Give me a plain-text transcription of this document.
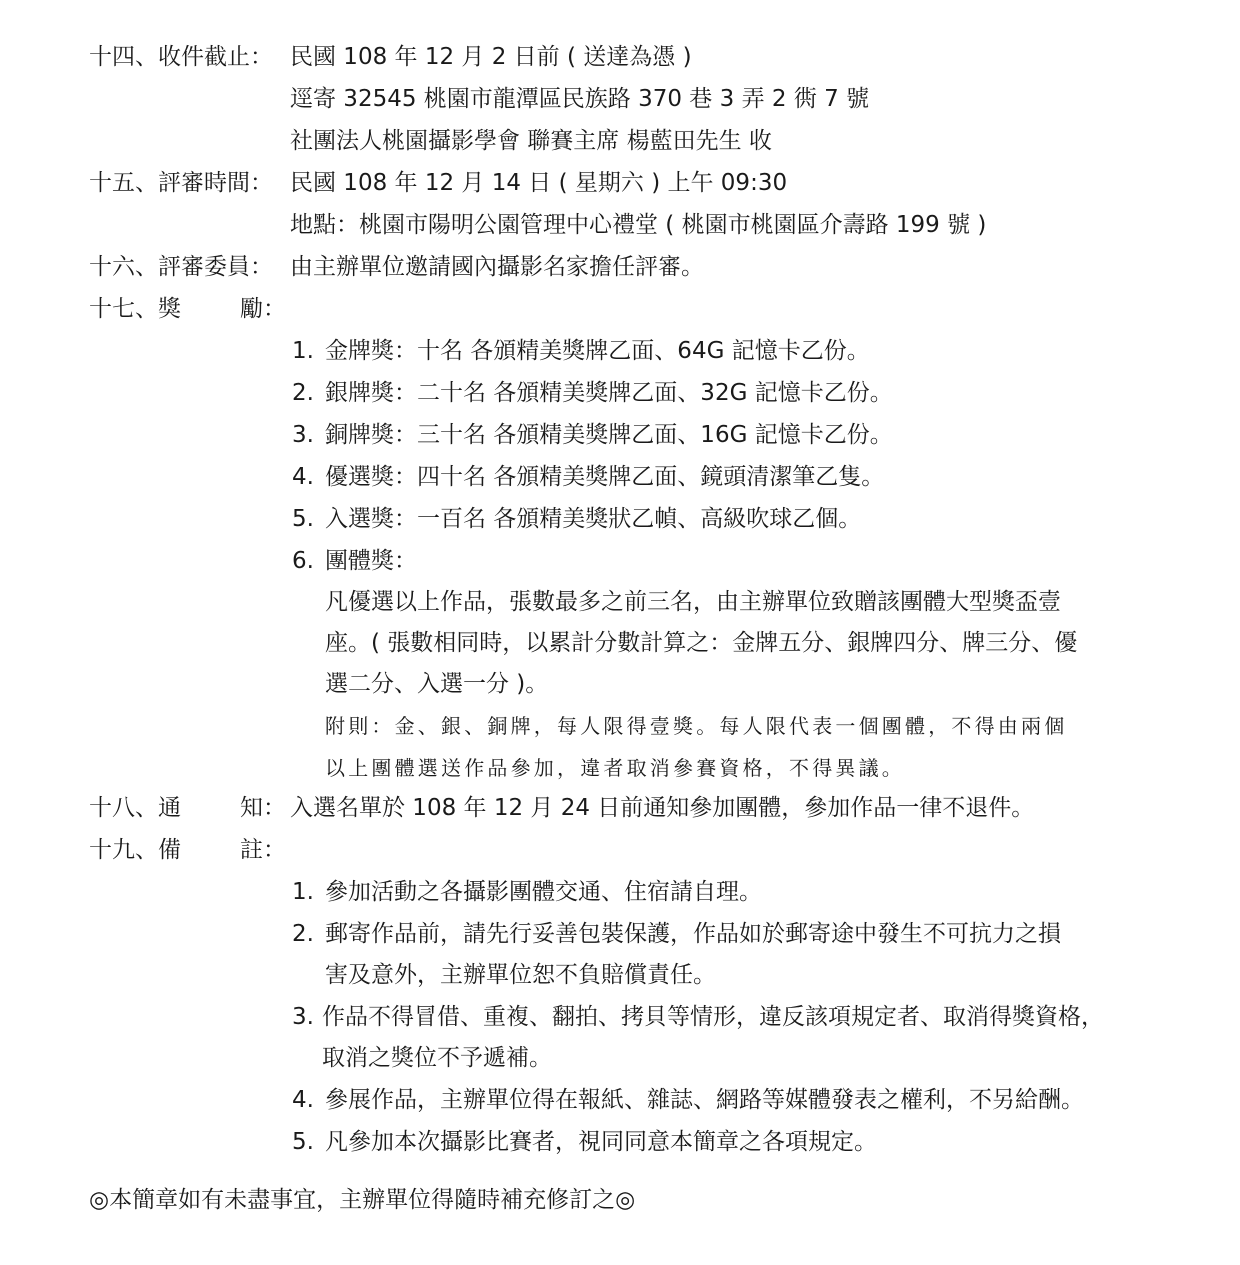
十四、收件截止： 民國 108 年 12 月 2 日前 ( 送達為憑 )
逕寄 32545 桃園市龍潭區民族路 370 巷 3 弄 2 衖 7 號
社團法人桃園攝影學會 聯賽主席 楊藍田先生 收
十五、評審時間： 民國 108 年 12 月 14 日 ( 星期六 ) 上午 09:30
地點：桃園市陽明公園管理中心禮堂 ( 桃園市桃園區介壽路 199 號 )
十六、評審委員： 由主辦單位邀請國內攝影名家擔任評審。
十七、獎	勵：
1. 金牌獎：十名 各頒精美獎牌乙面、64G 記憶卡乙份。
2. 銀牌獎：二十名 各頒精美獎牌乙面、32G 記憶卡乙份。
3. 銅牌獎：三十名 各頒精美獎牌乙面、16G 記憶卡乙份。
4. 優選獎：四十名 各頒精美獎牌乙面、鏡頭清潔筆乙隻。
5. 入選獎：一百名 各頒精美獎狀乙幀、高級吹球乙個。
6. 團體獎：
凡優選以上作品，張數最多之前三名，由主辦單位致贈該團體大型獎盃壹
座。( 張數相同時，以累計分數計算之：金牌五分、銀牌四分、牌三分、優
選二分、入選一分 )。
附則：金、銀、銅牌，每人限得壹獎。每人限代表一個團體，不得由兩個
以上團體選送作品參加，違者取消參賽資格，不得異議。
十八、通	知： 入選名單於 108 年 12 月 24 日前通知參加團體，參加作品一律不退件。
十九、備	註：
1. 參加活動之各攝影團體交通、住宿請自理。
2. 郵寄作品前，請先行妥善包裝保護，作品如於郵寄途中發生不可抗力之損
害及意外，主辦單位恕不負賠償責任。
3. 作品不得冒借、重複、翻拍、拷貝等情形，違反該項規定者、取消得獎資格，
取消之獎位不予遞補。
4. 參展作品，主辦單位得在報紙、雜誌、網路等媒體發表之權利，不另給酬。
5. 凡參加本次攝影比賽者，視同同意本簡章之各項規定。
◎本簡章如有未盡事宜，主辦單位得隨時補充修訂之◎
